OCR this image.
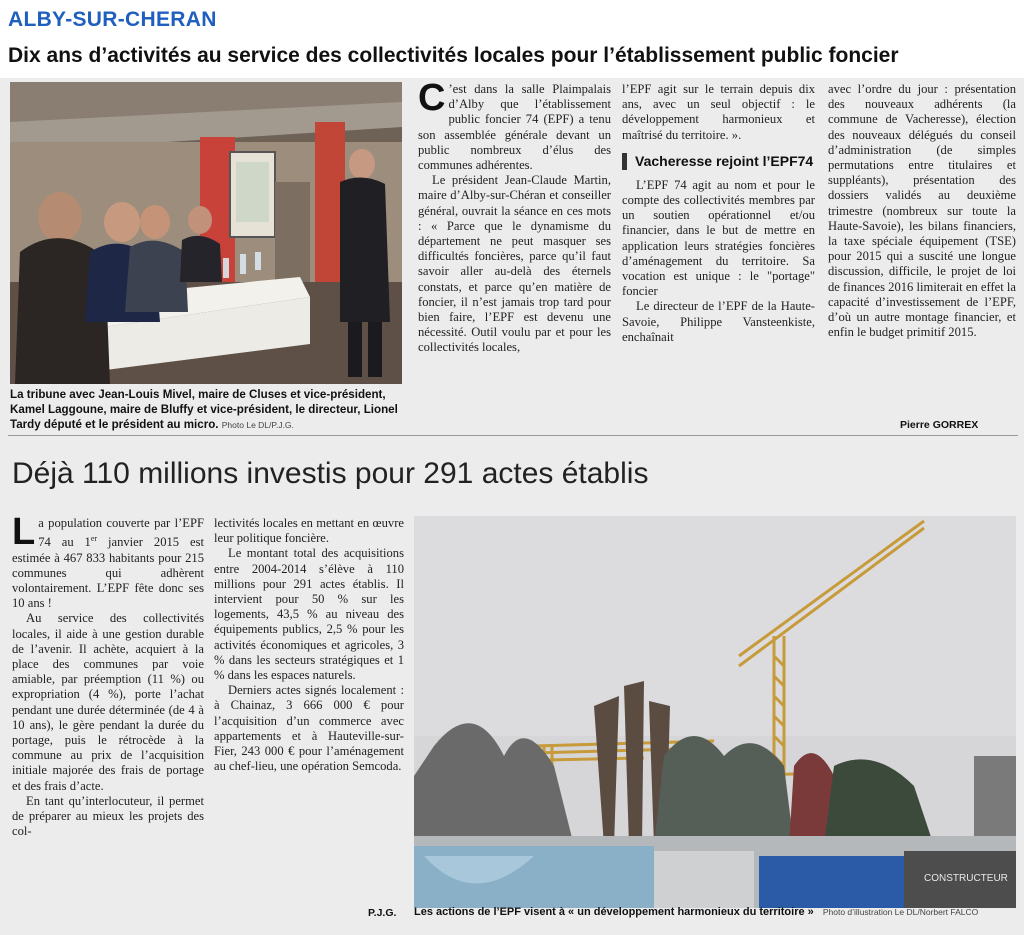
ALBY-SUR-CHERAN
Dix ans d’activités au service des collectivités locales pour l’établissement public foncier
La tribune avec Jean-Louis Mivel, maire de Cluses et vice-président, Kamel Laggoune, maire de Bluffy et vice-président, le directeur, Lionel Tardy député et le président au micro. Photo Le DL/P.J.G.

C ’est dans la salle Plaimpalais d’Alby que l’établissement public foncier 74 (EPF) a tenu son assemblée générale devant un public nombreux d’élus des communes adhérentes.

Le président Jean-Claude Martin, maire d’Alby-sur-Chéran et conseiller général, ouvrait la séance en ces mots : « Parce que le dynamisme du département ne peut masquer ses difficultés foncières, parce qu’il faut savoir aller au-delà des éternels constats, et parce qu’en matière de foncier, il n’est jamais trop tard pour bien faire, l’EPF est devenu une nécessité. Outil voulu par et pour les collectivités locales,

l’EPF agit sur le terrain depuis dix ans, avec un seul objectif : le développement harmonieux et maîtrisé du territoire. ».

Vacheresse rejoint l’EPF74

L’EPF 74 agit au nom et pour le compte des collectivités membres par un soutien opérationnel et/ou financier, dans le but de mettre en application leurs stratégies foncières d’aménagement du territoire. Sa vocation est unique : le "portage" foncier

Le directeur de l’EPF de la Haute-Savoie, Philippe Vansteenkiste, enchaînait

avec l’ordre du jour : présentation des nouveaux adhérents (la commune de Vacheresse), élection des nouveaux délégués du conseil d’administration (de simples permutations entre titulaires et suppléants), présentation des dossiers validés au deuxième trimestre (nombreux sur toute la Haute-Savoie), les bilans financiers, la taxe spéciale équipement (TSE) pour 2015 qui a suscité une longue discussion, difficile, le projet de loi de finances 2016 limiterait en effet la capacité d’investissement de l’EPF, d’où un autre montage financier, et enfin le budget primitif 2015.

Pierre GORREX
Déjà 110 millions investis pour 291 actes établis

La population couverte par l’EPF 74 au 1er janvier 2015 est estimée à 467 833 habitants pour 215 communes qui adhèrent volontairement. L’EPF fête donc ses 10 ans !

Au service des collectivités locales, il aide à une gestion durable de l’avenir. Il achète, acquiert à la place des communes par voie amiable, par préemption (11 %) ou expropriation (4 %), porte l’achat pendant une durée déterminée (de 4 à 10 ans), le gère pendant la durée du portage, puis le rétrocède à la commune au prix de l’acquisition initiale majorée des frais de portage et des frais d’acte.

En tant qu’interlocuteur, il permet de préparer au mieux les projets des col-

lectivités locales en mettant en œuvre leur politique foncière.

Le montant total des acquisitions entre 2004-2014 s’élève à 110 millions pour 291 actes établis. Il intervient pour 50 % sur les logements, 43,5 % au niveau des équipements publics, 2,5 % pour les activités économiques et agricoles, 3 % dans les secteurs stratégiques et 1 % dans les espaces naturels.

Derniers actes signés localement : à Chainaz, 3 666 000 € pour l’acquisition d’un commerce avec appartements et à Hauteville-sur-Fier, 243 000 € pour l’aménagement au chef-lieu, une opération Semcoda.

CONSTRUCTEUR
P.J.G. Les actions de l’EPF visent à « un développement harmonieux du territoire » Photo d’illustration Le DL/Norbert FALCO
